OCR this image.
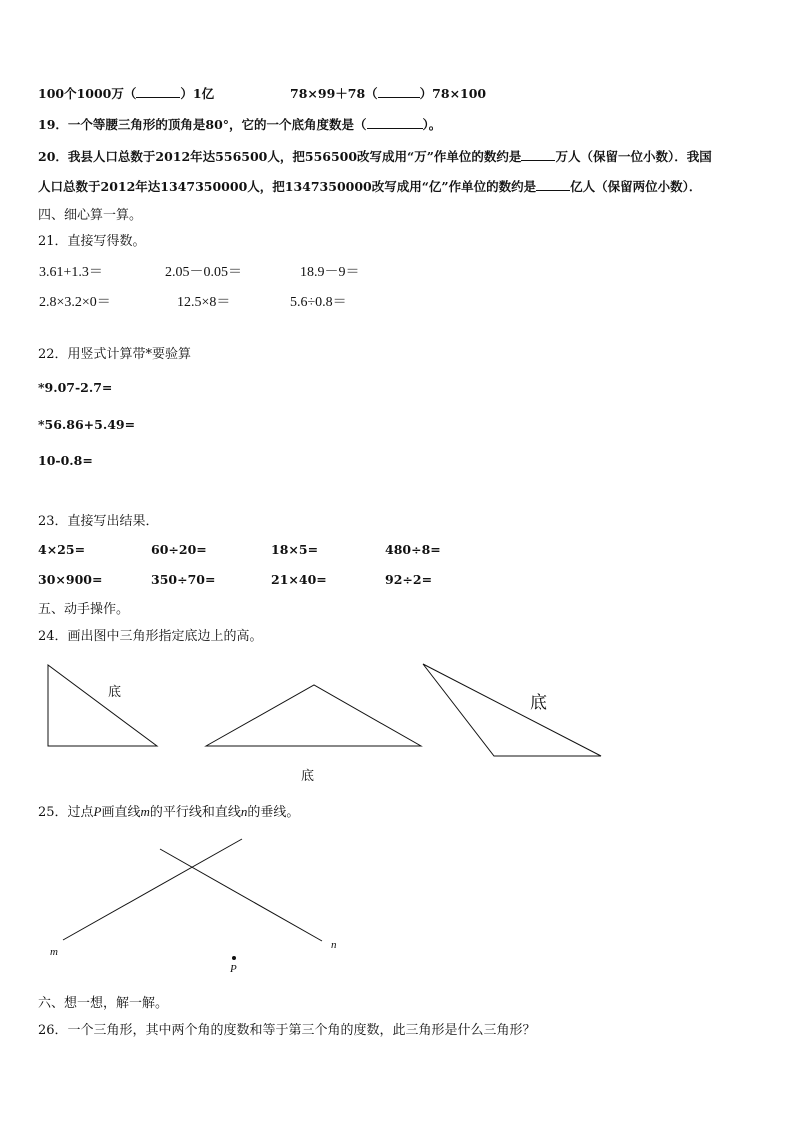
100个1000万（	）1亿	78×99＋78（	）78×100
19．一个等腰三角形的顶角是80°，它的一个底角度数是（	）。
20．我县人口总数于2012年达556500人，把556500改写成用“万”作单位的数约是	万人（保留一位小数）．我国
人口总数于2012年达1347350000人，把1347350000改写成用“亿”作单位的数约是	亿人（保留两位小数）．
四、细心算一算。
21．直接写得数。
3.61+1.3＝	2.05－0.05＝	18.9－9＝
2.8×3.2×0＝	12.5×8＝	5.6÷0.8＝
22．用竖式计算带*要验算
*9.07-2.7=
*56.86+5.49=
10-0.8=
23．直接写出结果．
4×25=	60÷20=	18×5=	480÷8=
30×900=	350÷70=	21×40=	92÷2=
五、动手操作。
24．画出图中三角形指定底边上的高。
25．过点P画直线m的平行线和直线n的垂线。
底
底
底
m
n
P
六、想一想，解一解。
26．一个三角形，其中两个角的度数和等于第三个角的度数，此三角形是什么三角形？
